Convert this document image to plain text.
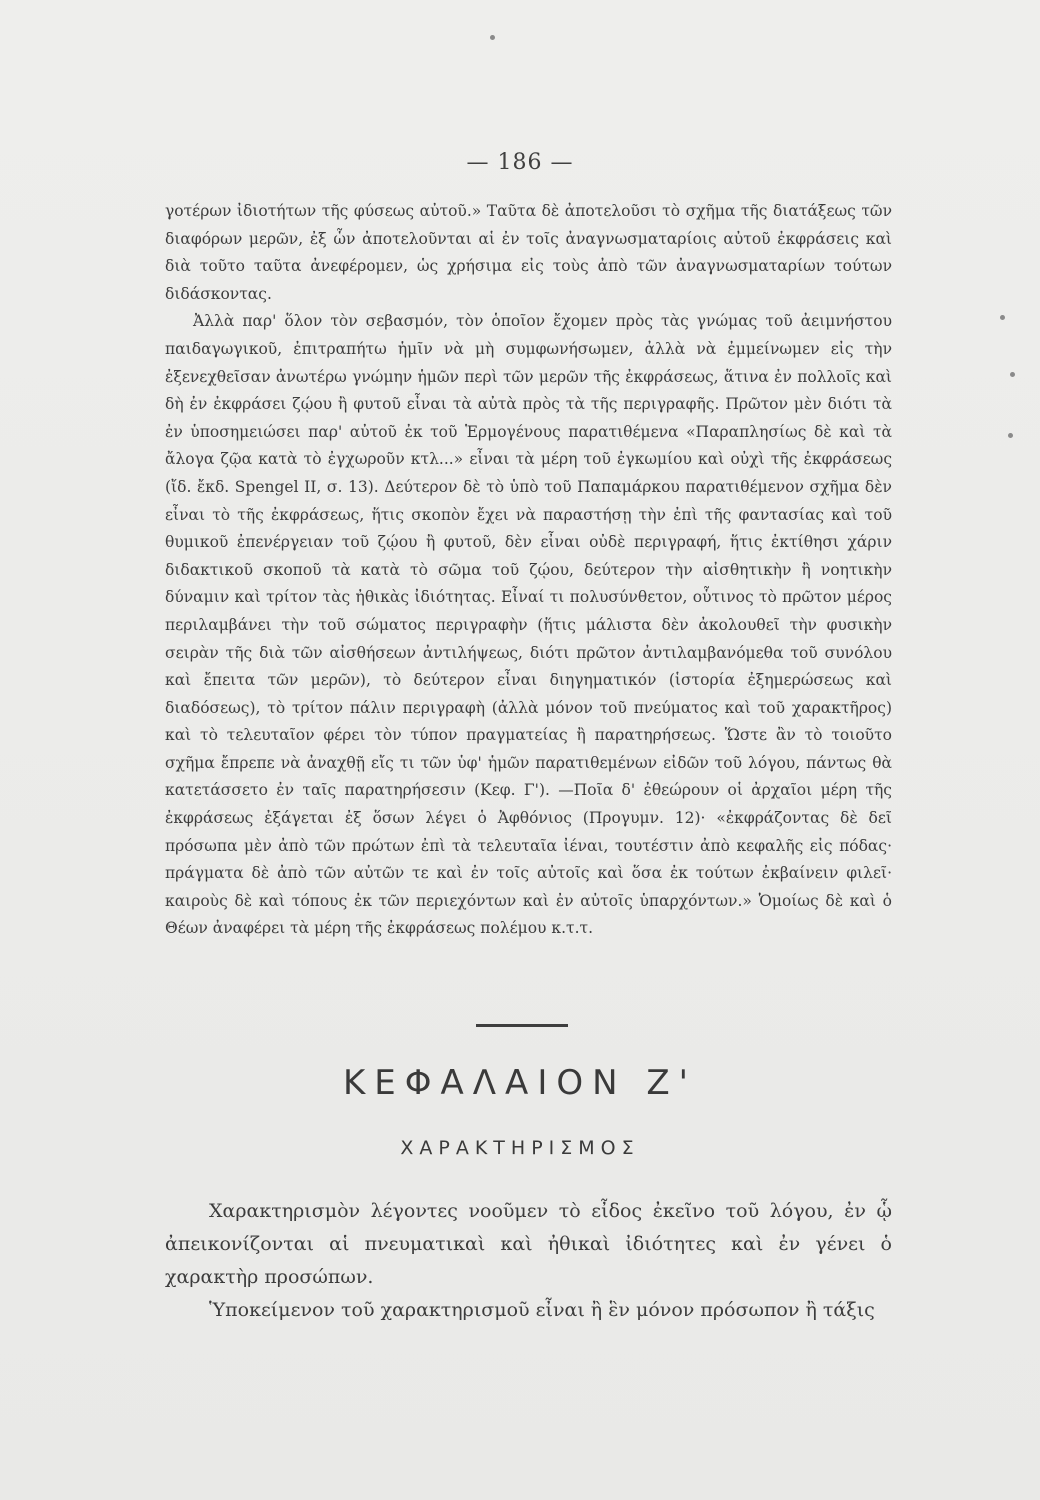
— 186 —

γοτέρων ἰδιοτήτων τῆς φύσεως αὐτοῦ.» Ταῦτα δὲ ἀποτελοῦσι τὸ σχῆμα τῆς διατάξεως τῶν διαφόρων μερῶν, ἐξ ὧν ἀποτελοῦνται αἱ ἐν τοῖς ἀναγνωσματαρίοις αὐτοῦ ἐκφράσεις καὶ διὰ τοῦτο ταῦτα ἀνεφέρομεν, ὡς χρήσιμα εἰς τοὺς ἀπὸ τῶν ἀναγνωσματαρίων τούτων διδάσκοντας.

Ἀλλὰ παρ' ὅλον τὸν σεβασμόν, τὸν ὁποῖον ἔχομεν πρὸς τὰς γνώμας τοῦ ἀειμνήστου παιδαγωγικοῦ, ἐπιτραπήτω ἡμῖν νὰ μὴ συμφωνήσωμεν, ἀλλὰ νὰ ἐμμείνωμεν εἰς τὴν ἐξενεχθεῖσαν ἀνωτέρω γνώμην ἡμῶν περὶ τῶν μερῶν τῆς ἐκφράσεως, ἅτινα ἐν πολλοῖς καὶ δὴ ἐν ἐκφράσει ζῴου ἢ φυτοῦ εἶναι τὰ αὐτὰ πρὸς τὰ τῆς περιγραφῆς. Πρῶτον μὲν διότι τὰ ἐν ὑποσημειώσει παρ' αὐτοῦ ἐκ τοῦ Ἑρμογένους παρατιθέμενα «Παραπλησίως δὲ καὶ τὰ ἄλογα ζῷα κατὰ τὸ ἐγχωροῦν κτλ...» εἶναι τὰ μέρη τοῦ ἐγκωμίου καὶ οὐχὶ τῆς ἐκφράσεως (ἴδ. ἔκδ. Spengel II, σ. 13). Δεύτερον δὲ τὸ ὑπὸ τοῦ Παπαμάρκου παρατιθέμενον σχῆμα δὲν εἶναι τὸ τῆς ἐκφράσεως, ἥτις σκοπὸν ἔχει νὰ παραστήσῃ τὴν ἐπὶ τῆς φαντασίας καὶ τοῦ θυμικοῦ ἐπενέργειαν τοῦ ζῴου ἢ φυτοῦ, δὲν εἶναι οὐδὲ περιγραφή, ἥτις ἐκτίθησι χάριν διδακτικοῦ σκοποῦ τὰ κατὰ τὸ σῶμα τοῦ ζῴου, δεύτερον τὴν αἰσθητικὴν ἢ νοητικὴν δύναμιν καὶ τρίτον τὰς ἠθικὰς ἰδιότητας. Εἶναί τι πολυσύνθετον, οὗτινος τὸ πρῶτον μέρος περιλαμβάνει τὴν τοῦ σώματος περιγραφὴν (ἥτις μάλιστα δὲν ἀκολουθεῖ τὴν φυσικὴν σειρὰν τῆς διὰ τῶν αἰσθήσεων ἀντιλήψεως, διότι πρῶτον ἀντιλαμβανόμεθα τοῦ συνόλου καὶ ἔπειτα τῶν μερῶν), τὸ δεύτερον εἶναι διηγηματικόν (ἱστορία ἐξημερώσεως καὶ διαδόσεως), τὸ τρίτον πάλιν περιγραφὴ (ἀλλὰ μόνον τοῦ πνεύματος καὶ τοῦ χαρακτῆρος) καὶ τὸ τελευταῖον φέρει τὸν τύπον πραγματείας ἢ παρατηρήσεως. Ὥστε ἂν τὸ τοιοῦτο σχῆμα ἔπρεπε νὰ ἀναχθῇ εἴς τι τῶν ὑφ' ἡμῶν παρατιθεμένων εἰδῶν τοῦ λόγου, πάντως θὰ κατετάσσετο ἐν ταῖς παρατηρήσεσιν (Κεφ. Γ'). —Ποῖα δ' ἐθεώρουν οἱ ἀρχαῖοι μέρη τῆς ἐκφράσεως ἐξάγεται ἐξ ὅσων λέγει ὁ Ἀφθόνιος (Προγυμν. 12)· «ἐκφράζοντας δὲ δεῖ πρόσωπα μὲν ἀπὸ τῶν πρώτων ἐπὶ τὰ τελευταῖα ἰέναι, τουτέστιν ἀπὸ κεφαλῆς εἰς πόδας· πράγματα δὲ ἀπὸ τῶν αὐτῶν τε καὶ ἐν τοῖς αὐτοῖς καὶ ὅσα ἐκ τούτων ἐκβαίνειν φιλεῖ· καιροὺς δὲ καὶ τόπους ἐκ τῶν περιεχόντων καὶ ἐν αὐτοῖς ὑπαρχόντων.» Ὁμοίως δὲ καὶ ὁ Θέων ἀναφέρει τὰ μέρη τῆς ἐκφράσεως πολέμου κ.τ.τ.

ΚΕΦΑΛΑΙΟΝ Ζ'
ΧΑΡΑΚΤΗΡΙΣΜΟΣ

Χαρακτηρισμὸν λέγοντες νοοῦμεν τὸ εἶδος ἐκεῖνο τοῦ λόγου, ἐν ᾧ ἀπεικονίζονται αἱ πνευματικαὶ καὶ ἠθικαὶ ἰδιότητες καὶ ἐν γένει ὁ χαρακτὴρ προσώπων.

Ὑποκείμενον τοῦ χαρακτηρισμοῦ εἶναι ἢ ἓν μόνον πρόσωπον ἢ τάξις
